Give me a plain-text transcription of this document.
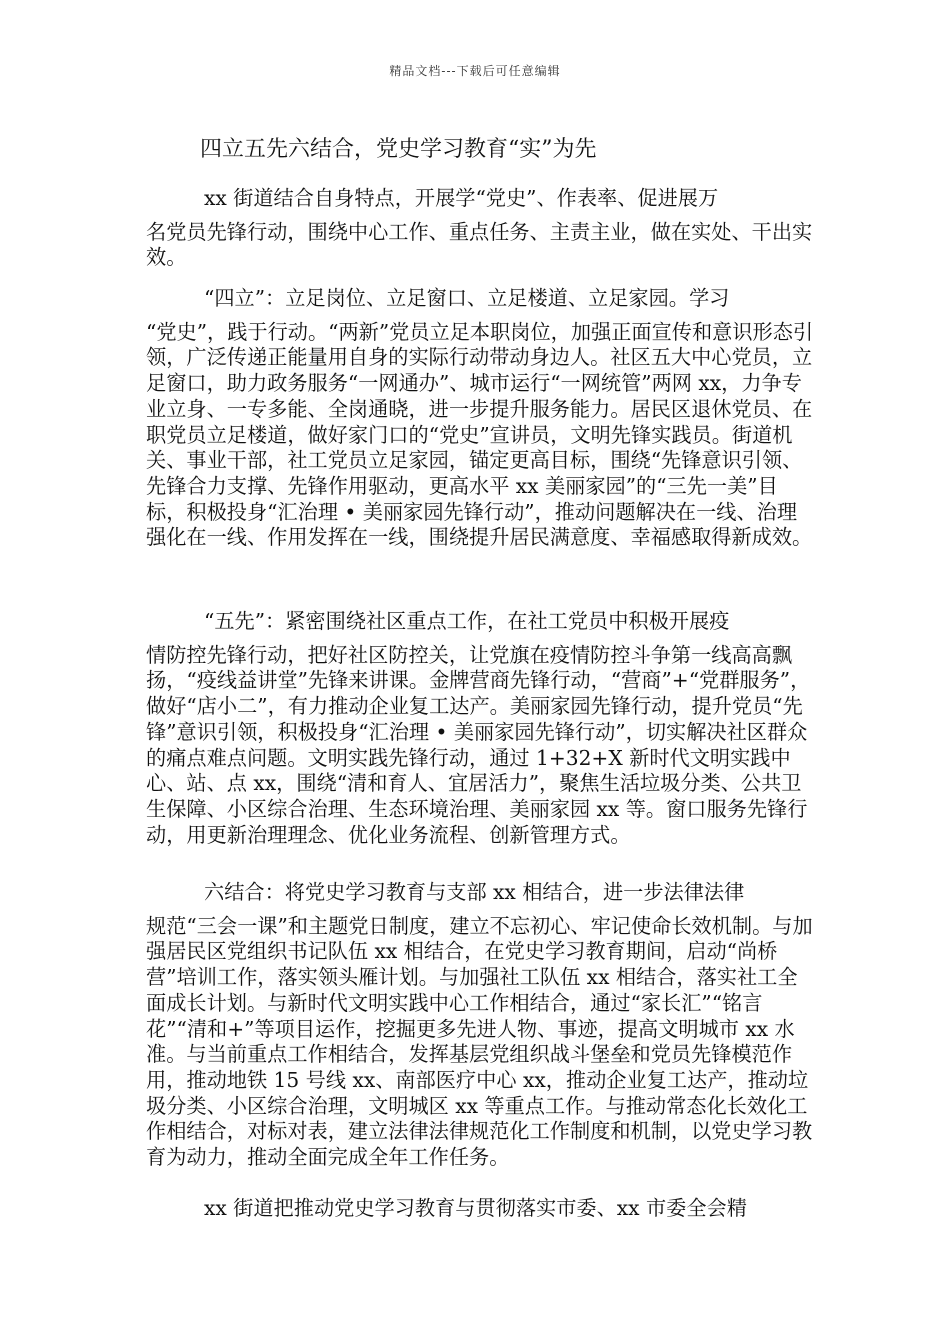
精品文档---下载后可任意编辑
四立五先六结合，党史学习教育“实”为先

xx 街道结合自身特点，开展学“党史”、作表率、促进展万
名党员先锋行动，围绕中心工作、重点任务、主责主业，做在实处、干出实效。

“四立”：立足岗位、立足窗口、立足楼道、立足家园。学习
“党史”，践于行动。“两新”党员立足本职岗位，加强正面宣传和意识形态引领，广泛传递正能量用自身的实际行动带动身边人。社区五大中心党员，立足窗口，助力政务服务“一网通办”、城市运行“一网统管”两网 xx，力争专业立身、一专多能、全岗通晓，进一步提升服务能力。居民区退休党员、在职党员立足楼道，做好家门口的“党史”宣讲员，文明先锋实践员。街道机关、事业干部，社工党员立足家园，锚定更高目标，围绕“先锋意识引领、先锋合力支撑、先锋作用驱动，更高水平 xx 美丽家园”的“三先一美”目标，积极投身“汇治理 • 美丽家园先锋行动”，推动问题解决在一线、治理强化在一线、作用发挥在一线，围绕提升居民满意度、幸福感取得新成效。

“五先”：紧密围绕社区重点工作，在社工党员中积极开展疫
情防控先锋行动，把好社区防控关，让党旗在疫情防控斗争第一线高高飘扬，“疫线益讲堂”先锋来讲课。金牌营商先锋行动，“营商”+“党群服务”，做好“店小二”，有力推动企业复工达产。美丽家园先锋行动，提升党员“先锋”意识引领，积极投身“汇治理 • 美丽家园先锋行动”，切实解决社区群众的痛点难点问题。文明实践先锋行动，通过 1+32+X 新时代文明实践中心、站、点 xx，围绕“清和育人、宜居活力”，聚焦生活垃圾分类、公共卫生保障、小区综合治理、生态环境治理、美丽家园 xx 等。窗口服务先锋行动，用更新治理理念、优化业务流程、创新管理方式。

六结合：将党史学习教育与支部 xx 相结合，进一步法律法律
规范“三会一课”和主题党日制度，建立不忘初心、牢记使命长效机制。与加强居民区党组织书记队伍 xx 相结合，在党史学习教育期间，启动“尚桥营”培训工作，落实领头雁计划。与加强社工队伍 xx 相结合，落实社工全面成长计划。与新时代文明实践中心工作相结合，通过“家长汇”“铭言花”“清和+”等项目运作，挖掘更多先进人物、事迹，提高文明城市 xx 水准。与当前重点工作相结合，发挥基层党组织战斗堡垒和党员先锋模范作用，推动地铁 15 号线 xx、南部医疗中心 xx，推动企业复工达产，推动垃圾分类、小区综合治理，文明城区 xx 等重点工作。与推动常态化长效化工作相结合，对标对表，建立法律法律规范化工作制度和机制，以党史学习教育为动力，推动全面完成全年工作任务。

xx 街道把推动党史学习教育与贯彻落实市委、xx 市委全会精
